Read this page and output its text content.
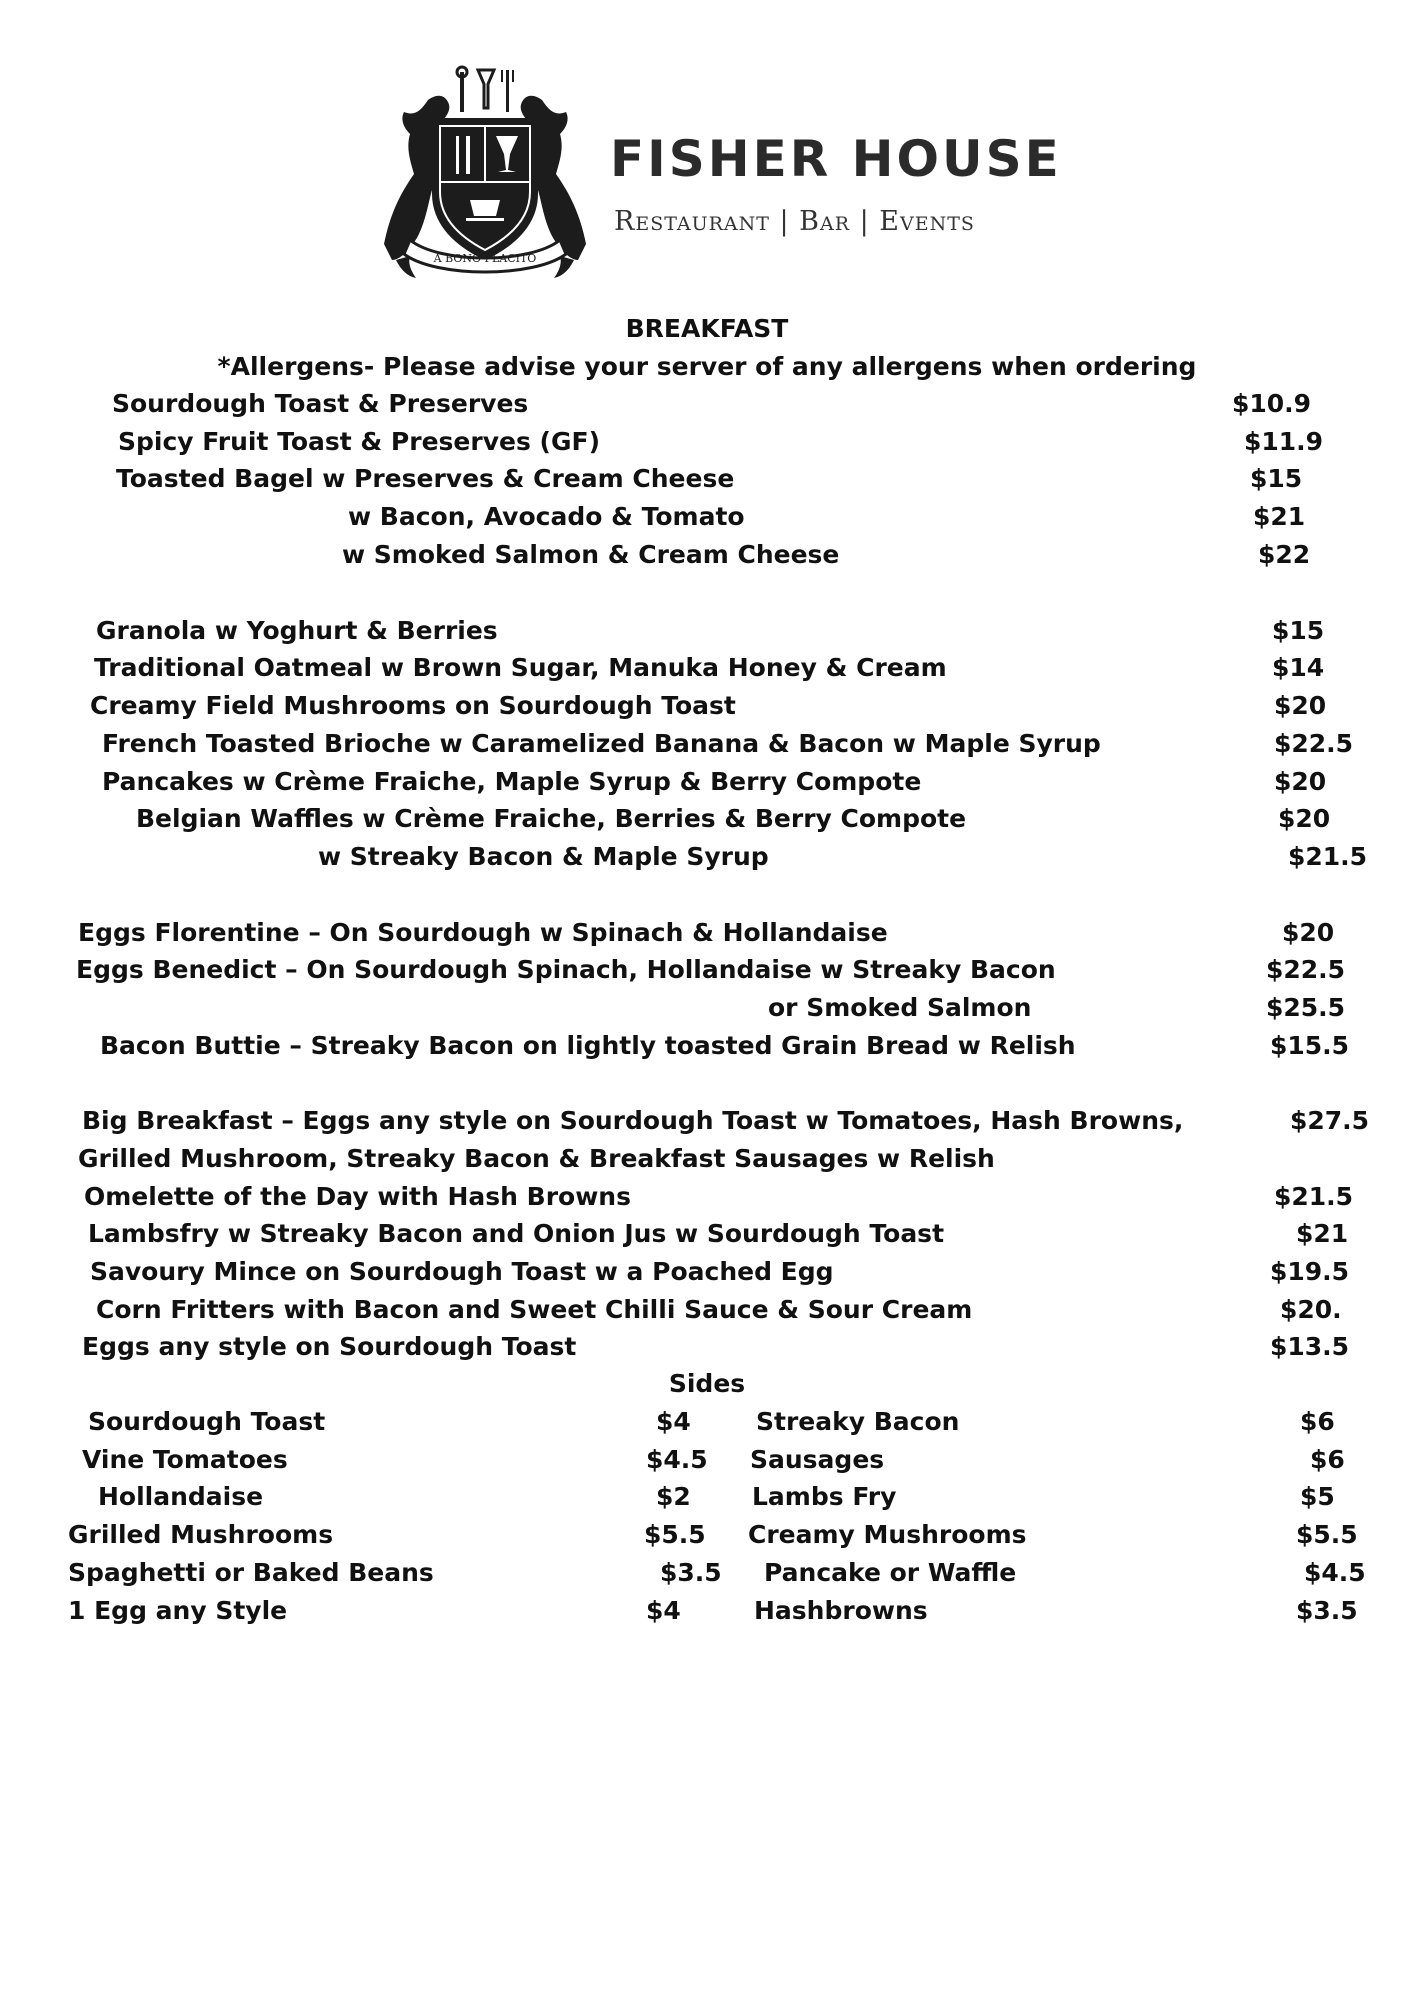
A BONO PLACITO
FISHER HOUSE
Restaurant | Bar | Events
BREAKFAST
*Allergens- Please advise your server of any allergens when ordering
Sourdough Toast & Preserves	$10.9
Spicy Fruit Toast & Preserves (GF)	$11.9
Toasted Bagel w Preserves & Cream Cheese	$15
w Bacon, Avocado & Tomato	$21
w Smoked Salmon & Cream Cheese	$22
Granola w Yoghurt & Berries	$15
Traditional Oatmeal w Brown Sugar, Manuka Honey & Cream	$14
Creamy Field Mushrooms on Sourdough Toast	$20
French Toasted Brioche w Caramelized Banana & Bacon w Maple Syrup	$22.5
Pancakes w Crème Fraiche, Maple Syrup & Berry Compote	$20
Belgian Waffles w Crème Fraiche, Berries & Berry Compote	$20
w Streaky Bacon & Maple Syrup	$21.5
Eggs Florentine – On Sourdough w Spinach & Hollandaise	$20
Eggs Benedict – On Sourdough Spinach, Hollandaise w Streaky Bacon	$22.5
or Smoked Salmon	$25.5
Bacon Buttie – Streaky Bacon on lightly toasted Grain Bread w Relish	$15.5
Big Breakfast – Eggs any style on Sourdough Toast w Tomatoes, Hash Browns,	$27.5
Grilled Mushroom, Streaky Bacon & Breakfast Sausages w Relish
Omelette of the Day with Hash Browns	$21.5
Lambsfry w Streaky Bacon and Onion Jus w Sourdough Toast	$21
Savoury Mince on Sourdough Toast w a Poached Egg	$19.5
Corn Fritters with Bacon and Sweet Chilli Sauce & Sour Cream	$20.
Eggs any style on Sourdough Toast	$13.5
Sides
Sourdough Toast	$4
Vine Tomatoes	$4.5
Hollandaise	$2
Grilled Mushrooms	$5.5
Spaghetti or Baked Beans	$3.5
1 Egg any Style	$4
Streaky Bacon	$6
Sausages	$6
Lambs Fry	$5
Creamy Mushrooms	$5.5
Pancake or Waffle	$4.5
Hashbrowns	$3.5
